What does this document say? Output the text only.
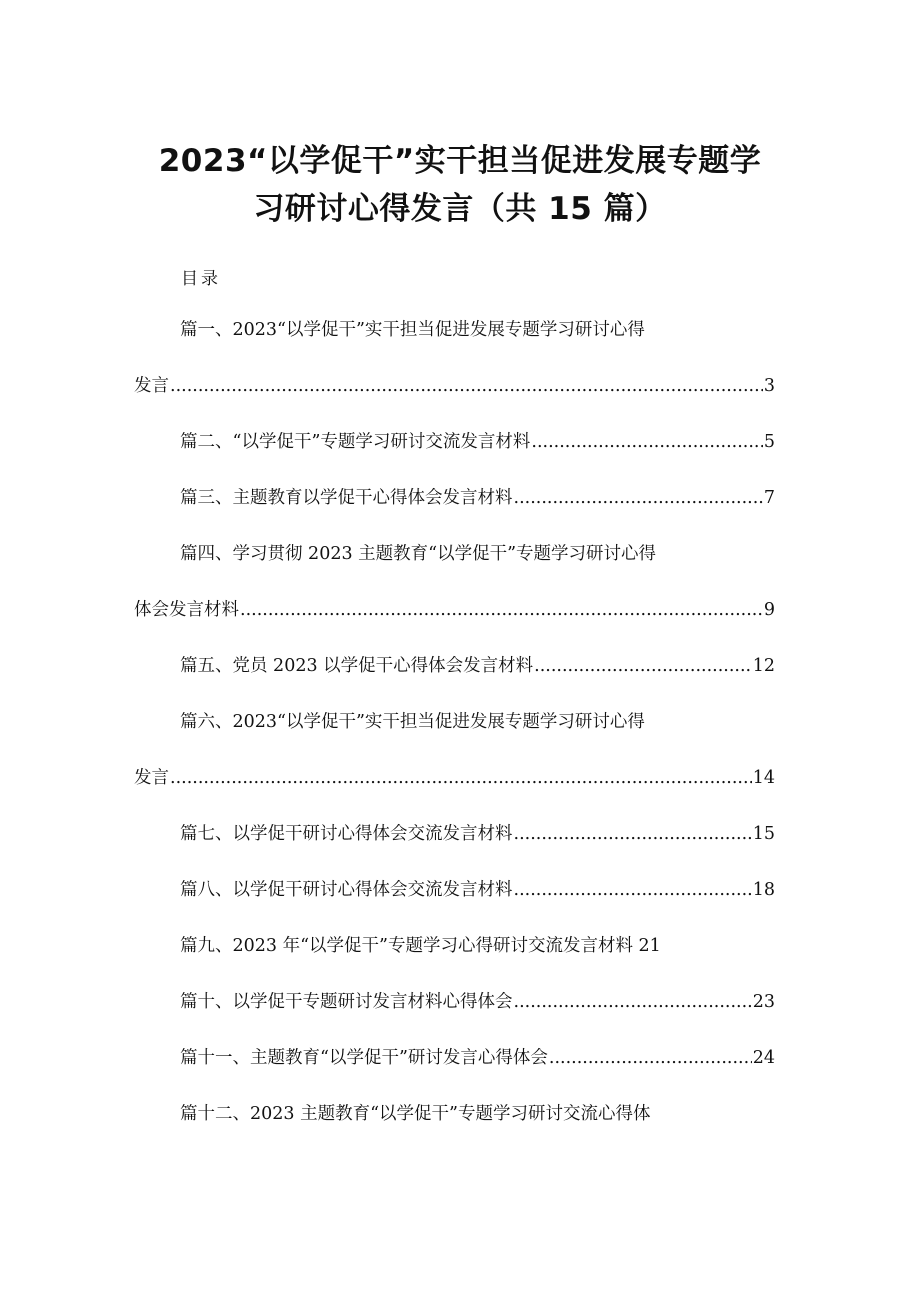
2023“以学促干”实干担当促进发展专题学
习研讨心得发言（共 15 篇）
目录
篇一、2023“以学促干”实干担当促进发展专题学习研讨心得
发言 .....	3
篇二、“以学促干”专题学习研讨交流发言材料 .....	5
篇三、主题教育以学促干心得体会发言材料 .....	7
篇四、学习贯彻 2023 主题教育“以学促干”专题学习研讨心得
体会发言材料 .....	9
篇五、党员 2023 以学促干心得体会发言材料 .....	12
篇六、2023“以学促干”实干担当促进发展专题学习研讨心得
发言 .....	14
篇七、以学促干研讨心得体会交流发言材料 .....	15
篇八、以学促干研讨心得体会交流发言材料 .....	18
篇九、2023 年“以学促干”专题学习心得研讨交流发言材料 21
篇十、以学促干专题研讨发言材料心得体会 .....	23
篇十一、主题教育“以学促干”研讨发言心得体会 .....	24
篇十二、2023 主题教育“以学促干”专题学习研讨交流心得体
